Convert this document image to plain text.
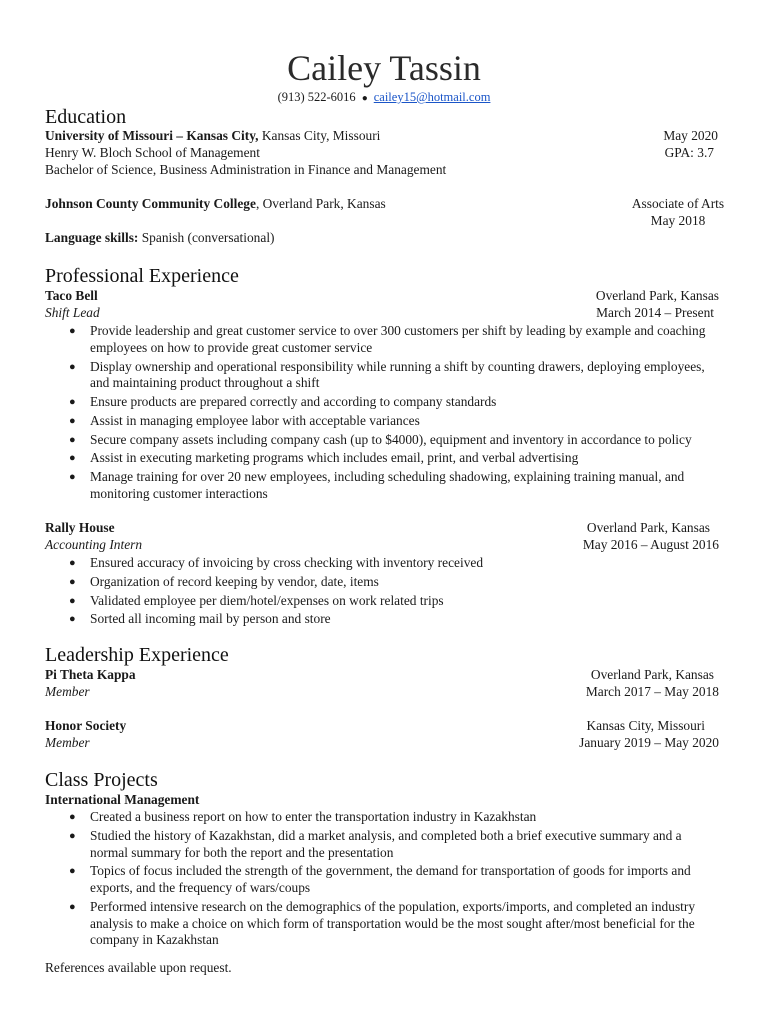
Cailey Tassin
(913) 522-6016 ● cailey15@hotmail.com
Education
University of Missouri – Kansas City, Kansas City, Missouri	May 2020
Henry W. Bloch School of Management	GPA: 3.7
Bachelor of Science, Business Administration in Finance and Management
Johnson County Community College, Overland Park, Kansas	Associate of Arts
May 2018
Language skills: Spanish (conversational)
Professional Experience
Taco Bell	Overland Park, Kansas
Shift Lead	March 2014 – Present
● Provide leadership and great customer service to over 300 customers per shift by leading by example and coaching employees on how to provide great customer service
● Display ownership and operational responsibility while running a shift by counting drawers, deploying employees, and maintaining product throughout a shift
● Ensure products are prepared correctly and according to company standards
● Assist in managing employee labor with acceptable variances
● Secure company assets including company cash (up to $4000), equipment and inventory in accordance to policy
● Assist in executing marketing programs which includes email, print, and verbal advertising
● Manage training for over 20 new employees, including scheduling shadowing, explaining training manual, and monitoring customer interactions
Rally House	Overland Park, Kansas
Accounting Intern	May 2016 – August 2016
● Ensured accuracy of invoicing by cross checking with inventory received
● Organization of record keeping by vendor, date, items
● Validated employee per diem/hotel/expenses on work related trips
● Sorted all incoming mail by person and store
Leadership Experience
Pi Theta Kappa	Overland Park, Kansas
Member	March 2017 – May 2018
Honor Society	Kansas City, Missouri
Member	January 2019 – May 2020
Class Projects
International Management
● Created a business report on how to enter the transportation industry in Kazakhstan
● Studied the history of Kazakhstan, did a market analysis, and completed both a brief executive summary and a normal summary for both the report and the presentation
● Topics of focus included the strength of the government, the demand for transportation of goods for imports and exports, and the frequency of wars/coups
● Performed intensive research on the demographics of the population, exports/imports, and completed an industry analysis to make a choice on which form of transportation would be the most sought after/most beneficial for the company in Kazakhstan
References available upon request.
